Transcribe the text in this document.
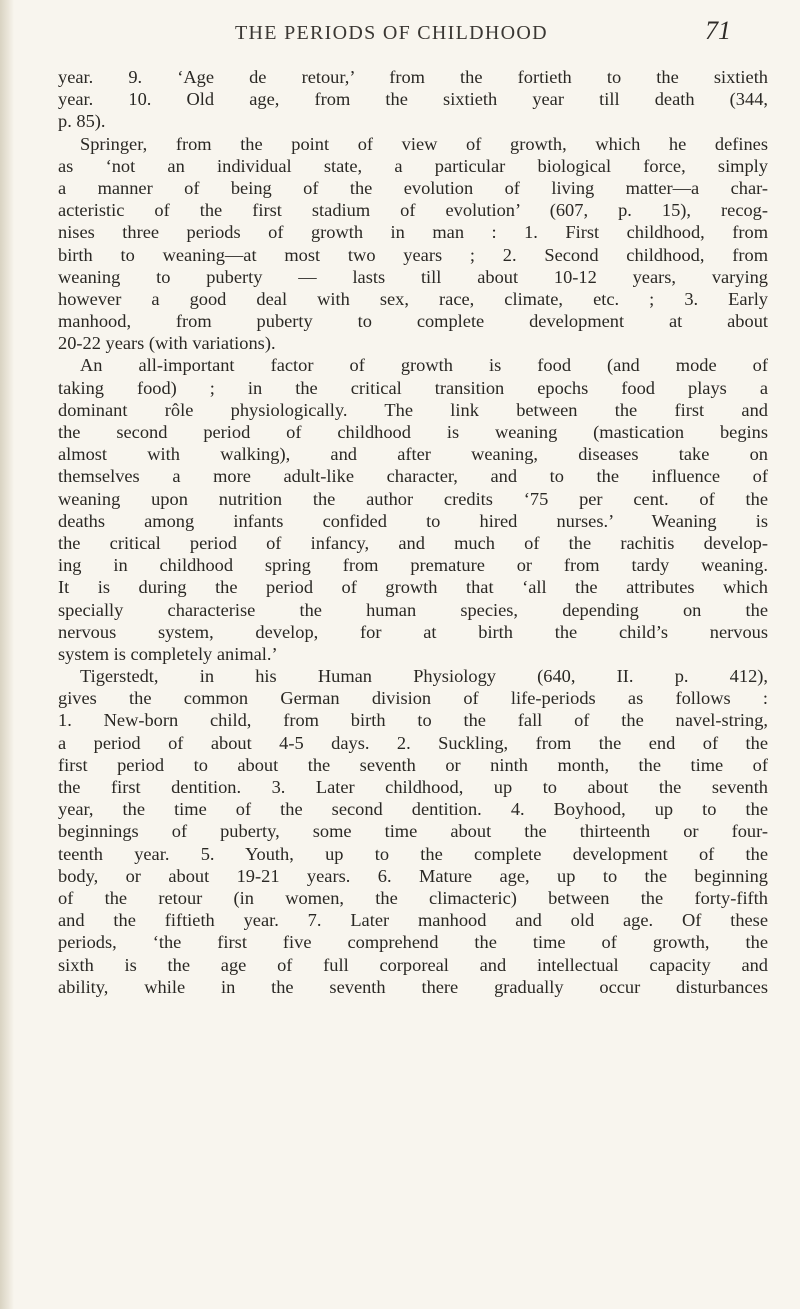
THE PERIODS OF CHILDHOOD	71
year. 9. ‘Age de retour,’ from the fortieth to the sixtieth
year. 10. Old age, from the sixtieth year till death (344,
p. 85).
Springer, from the point of view of growth, which he defines
as ‘not an individual state, a particular biological force, simply
a manner of being of the evolution of living matter—a char-
acteristic of the first stadium of evolution’ (607, p. 15), recog-
nises three periods of growth in man : 1. First childhood, from
birth to weaning—at most two years ; 2. Second childhood, from
weaning to puberty — lasts till about 10-12 years, varying
however a good deal with sex, race, climate, etc. ; 3. Early
manhood, from puberty to complete development at about
20-22 years (with variations).
An all-important factor of growth is food (and mode of
taking food) ; in the critical transition epochs food plays a
dominant rôle physiologically. The link between the first and
the second period of childhood is weaning (mastication begins
almost with walking), and after weaning, diseases take on
themselves a more adult-like character, and to the influence of
weaning upon nutrition the author credits ‘75 per cent. of the
deaths among infants confided to hired nurses.’ Weaning is
the critical period of infancy, and much of the rachitis develop-
ing in childhood spring from premature or from tardy weaning.
It is during the period of growth that ‘all the attributes which
specially characterise the human species, depending on the
nervous system, develop, for at birth the child’s nervous
system is completely animal.’
Tigerstedt, in his Human Physiology (640, II. p. 412),
gives the common German division of life-periods as follows :
1. New-born child, from birth to the fall of the navel-string,
a period of about 4-5 days. 2. Suckling, from the end of the
first period to about the seventh or ninth month, the time of
the first dentition. 3. Later childhood, up to about the seventh
year, the time of the second dentition. 4. Boyhood, up to the
beginnings of puberty, some time about the thirteenth or four-
teenth year. 5. Youth, up to the complete development of the
body, or about 19-21 years. 6. Mature age, up to the beginning
of the retour (in women, the climacteric) between the forty-fifth
and the fiftieth year. 7. Later manhood and old age. Of these
periods, ‘the first five comprehend the time of growth, the
sixth is the age of full corporeal and intellectual capacity and
ability, while in the seventh there gradually occur disturbances
